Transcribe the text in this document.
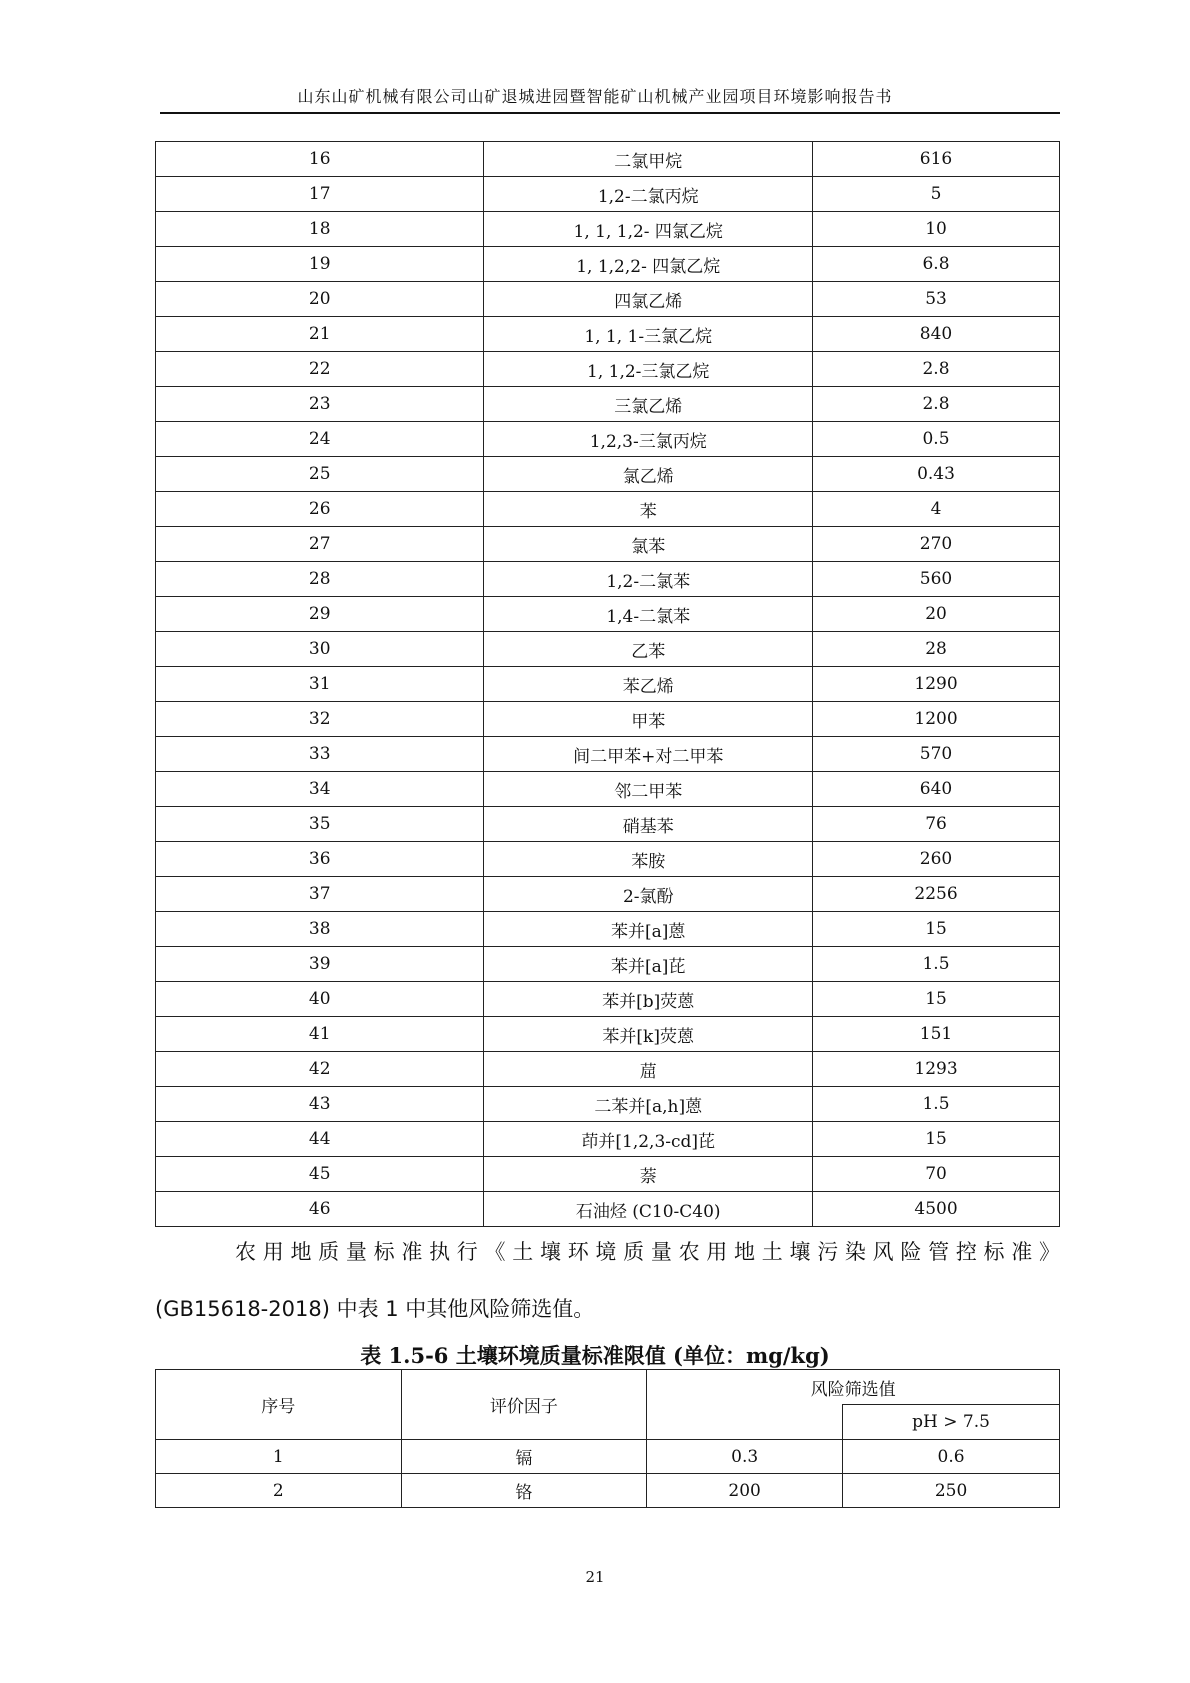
山东山矿机械有限公司山矿退城进园暨智能矿山机械产业园项目环境影响报告书
16	二氯甲烷	616
17	1,2-二氯丙烷	5
18	1, 1, 1,2- 四氯乙烷	10
19	1, 1,2,2- 四氯乙烷	6.8
20	四氯乙烯	53
21	1, 1, 1-三氯乙烷	840
22	1, 1,2-三氯乙烷	2.8
23	三氯乙烯	2.8
24	1,2,3-三氯丙烷	0.5
25	氯乙烯	0.43
26	苯	4
27	氯苯	270
28	1,2-二氯苯	560
29	1,4-二氯苯	20
30	乙苯	28
31	苯乙烯	1290
32	甲苯	1200
33	间二甲苯+对二甲苯	570
34	邻二甲苯	640
35	硝基苯	76
36	苯胺	260
37	2-氯酚	2256
38	苯并[a]蒽	15
39	苯并[a]芘	1.5
40	苯并[b]荧蒽	15
41	苯并[k]荧蒽	151
42	䓛	1293
43	二苯并[a,h]蒽	1.5
44	茚并[1,2,3-cd]芘	15
45	萘	70
46	石油烃 (C10-C40)	4500
农用地质量标准执行《土壤环境质量农用地土壤污染风险管控标准》
(GB15618-2018) 中表 1 中其他风险筛选值。
表 1.5-6 土壤环境质量标准限值 (单位：mg/kg)
序号	评价因子	风险筛选值	
			pH > 7.5
1	镉	0.3	0.6
2	铬	200	250
21
